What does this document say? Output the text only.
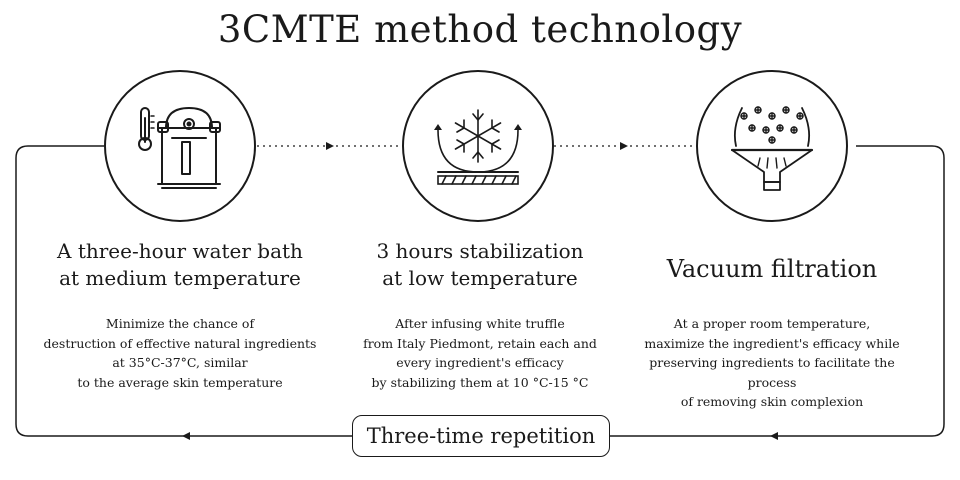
3CMTE method technology
A three-hour water bath
at medium temperature
3 hours stabilization
at low temperature	Vacuum filtration
Minimize the chance of
destruction of effective natural ingredients
at 35°C-37°C, similar
to the average skin temperature
After infusing white truffle
from Italy Piedmont, retain each and
every ingredient's efficacy
by stabilizing them at 10 °C-15 °C
At a proper room temperature,
maximize the ingredient's efficacy while
preserving ingredients to facilitate the process
of removing skin complexion
Three-time repetition
